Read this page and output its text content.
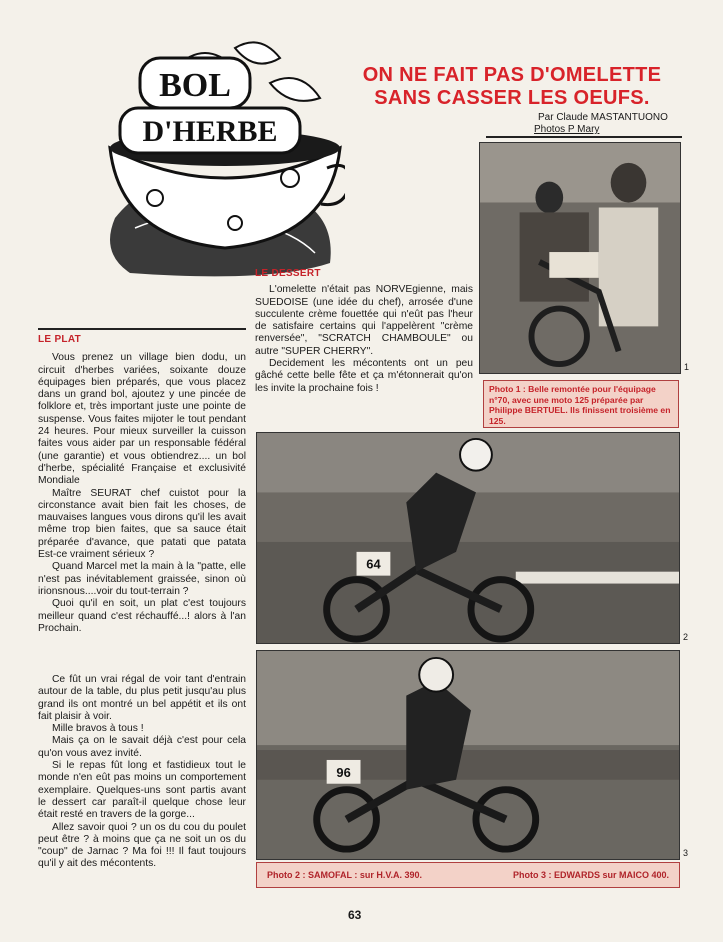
BOL
D'HERBE
ON NE FAIT PAS D'OMELETTE
SANS CASSER LES OEUFS.
Par Claude MASTANTUONO
Photos P Mary
LE PLAT

Vous prenez un village bien dodu, un circuit d'herbes variées, soixante douze équipages bien préparés, que vous placez dans un grand bol, ajoutez y une pincée de folklore et, très important juste une pointe de suspense. Vous faites mijoter le tout pendant 24 heures. Pour mieux surveiller la cuisson faites vous aider par un responsable fédéral (une garantie) et vous obtiendrez.... un bol d'herbe, spécialité Française et exclusivité Mondiale

Maître SEURAT chef cuistot pour la circonstance avait bien fait les choses, de mauvaises langues vous dirons qu'il les avait même trop bien faites, que sa sauce était préparée d'avance, que patati que patata Est-ce vraiment sérieux ?

Quand Marcel met la main à la "patte, elle n'est pas inévitablement graissée, sinon où irionsnous....voir du tout-terrain ?

Quoi qu'il en soit, un plat c'est toujours meilleur quand c'est réchauffé...! alors à l'an Prochain.

Ce fût un vrai régal de voir tant d'entrain autour de la table, du plus petit jusqu'au plus grand ils ont montré un bel appétit et ils ont fait plaisir à voir.

Mille bravos à tous !

Mais ça on le savait déjà c'est pour cela qu'on vous avez invité.

Si le repas fût long et fastidieux tout le monde n'en eût pas moins un comportement exemplaire. Quelques-uns sont partis avant le dessert car paraît-il quelque chose leur était resté en travers de la gorge...

Allez savoir quoi ? un os du cou du poulet peut être ? à moins que ça ne soit un os du "coup" de Jarnac ? Ma foi !!! Il faut toujours qu'il y ait des mécontents.

LE DESSERT

L'omelette n'était pas NORVEgienne, mais SUEDOISE (une idée du chef), arrosée d'une succulente crème fouettée qui n'eût pas l'heur de satisfaire certains qui l'appelèrent "crème renversée", "SCRATCH CHAMBOULE" ou autre "SUPER CHERRY".

Decidement les mécontents ont un peu gâché cette belle fête et ça m'étonnerait qu'on les invite la prochaine fois !

1
Photo 1 : Belle remontée pour l'équipage n°70, avec une moto 125 préparée par Philippe BERTUEL. Ils finissent troisième en 125.
64
2
96
3
Photo 2 : SAMOFAL : sur H.V.A. 390.	Photo 3 : EDWARDS sur MAICO 400.
63
